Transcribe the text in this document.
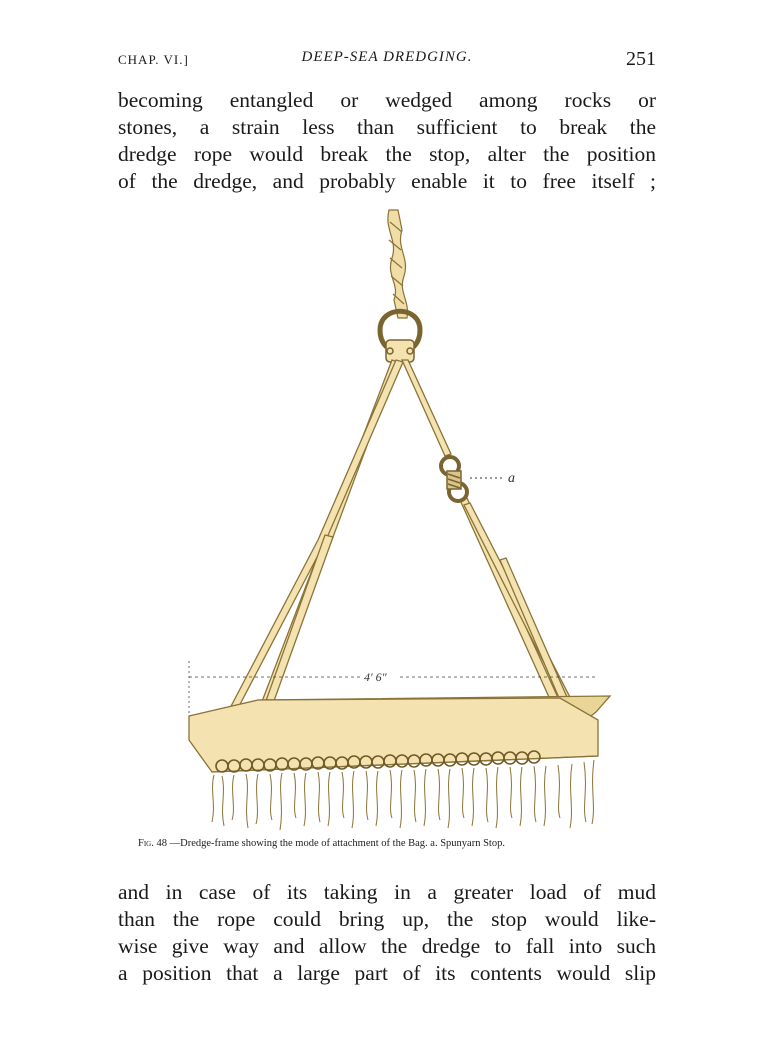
CHAP. VI.]	DEEP-SEA DREDGING.	251
becoming entangled or wedged among rocks or
stones, a strain less than sufficient to break the
dredge rope would break the stop, alter the position
of the dredge, and probably enable it to free itself ;
a
4′ 6″
Fig. 48 —Dredge-frame showing the mode of attachment of the Bag. a. Spunyarn Stop.
and in case of its taking in a greater load of mud
than the rope could bring up, the stop would like-
wise give way and allow the dredge to fall into such
a position that a large part of its contents would slip
